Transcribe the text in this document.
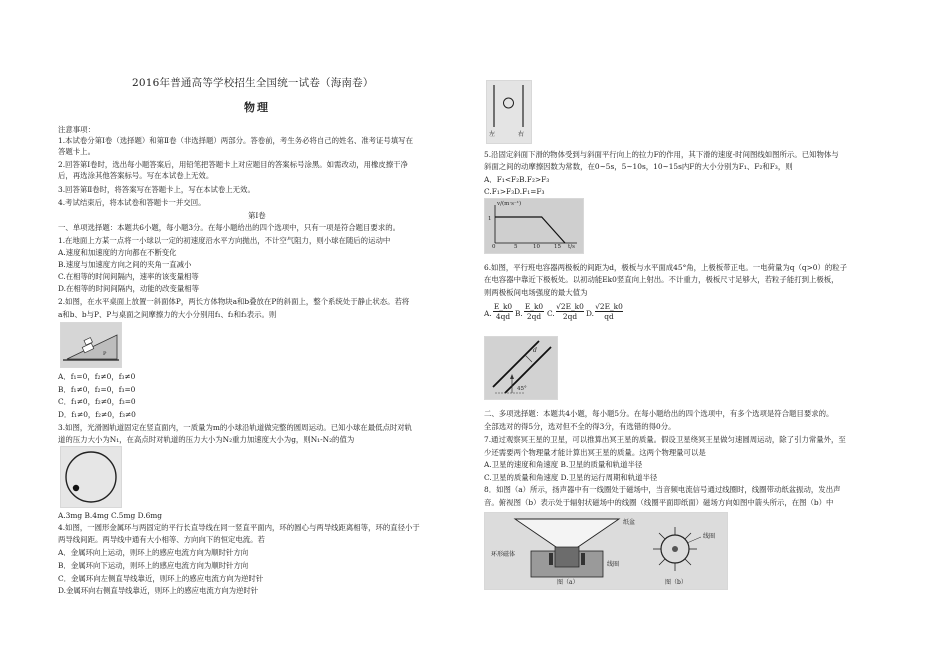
2016年普通高等学校招生全国统一试卷（海南卷）
物理
注意事项：
1.本试卷分第Ⅰ卷（选择题）和第Ⅱ卷（非选择题）两部分。答卷前，考生务必将自己的姓名、准考证号填写在
答题卡上。
2.回答第Ⅰ卷时，选出每小题答案后，用铅笔把答题卡上对应题目的答案标号涂黑。如需改动，用橡皮擦干净
后，再选涂其他答案标号。写在本试卷上无效。
3.回答第Ⅱ卷时，将答案写在答题卡上，写在本试卷上无效。
4.考试结束后，将本试卷和答题卡一并交回。
第Ⅰ卷
一、单项选择题：本题共6小题，每小题3分。在每小题给出的四个选项中，只有一项是符合题目要求的。
1.在地面上方某一点将一小球以一定的初速度沿水平方向抛出，不计空气阻力，则小球在随后的运动中
A.速度和加速度的方向都在不断变化
B.速度与加速度方向之间的夹角一直减小
C.在相等的时间间隔内，速率的该变量相等
D.在相等的时间间隔内，动能的改变量相等
2.如图，在水平桌面上放置一斜面体P，两长方体物块a和b叠放在P的斜面上，整个系统处于静止状态。若将
a和b、b与P、P与桌面之间摩擦力的大小分别用f₁、f₂和f₃表示。则
P
A．f₁=0，f₂≠0，f₃≠0
B．f₁≠0，f₂=0，f₃=0
C．f₁≠0，f₂≠0，f₃=0
D．f₁≠0，f₂≠0，f₃≠0
3.如图，光滑圆轨道固定在竖直面内，一质量为m的小球沿轨道做完整的圆周运动。已知小球在最低点时对轨
道的压力大小为N₁，在高点时对轨道的压力大小为N₂重力加速度大小为g，则N₁-N₂的值为
A.3mg B.4mg C.5mg D.6mg
4.如图，一圆形金属环与两固定的平行长直导线在同一竖直平面内，环的圆心与两导线距离相等，环的直径小于
两导线间距。两导线中通有大小相等、方向向下的恒定电流。若
A．金属环向上运动，则环上的感应电流方向为顺时针方向
B．金属环向下运动，则环上的感应电流方向为顺时针方向
C．金属环向左侧直导线靠近，则环上的感应电流方向为逆时针
D.金属环向右侧直导线靠近，则环上的感应电流方向为逆时针
左	右
5.沿固定斜面下滑的物体受到与斜面平行向上的拉力F的作用，其下滑的速度-时间图线如图所示。已知物体与
斜面之间的动摩擦因数为常数，在0~5s，5~10s，10~15s内F的大小分别为F₁、F₂和F₃，则
A．F₁<F₂B.F₂>F₃
C.F₁>F₃D.F₁=F₃
v/(m·s⁻¹)
1
0	5	10	15 t/s
6.如图，平行班电容器两极板的间距为d，极板与水平面成45°角，上极板带正电。一电荷量为q（q>0）的粒子
在电容器中靠近下极板处。以初动能Ek0竖直向上射出。不计重力，极板尺寸足够大，若粒子能打到上极板，
则两极板间电场强度的最大值为
A. $\frac{E\_k0}{4qd} B$. $\frac{E\_k0}{2qd} C$. $\frac{√2E\_k0}{2qd} D$. $\frac{√2E\_k0}{qd}$
d
45°
二、多项选择题：本题共4小题，每小题5分。在每小题给出的四个选项中，有多个选项是符合题目要求的。
全部选对的得5分，选对但不全的得3分，有选错的得0分。
7.通过观察冥王星的卫星，可以推算出冥王星的质量。假设卫星绕冥王星做匀速圆周运动，除了引力常量外，至
少还需要两个物理量才能计算出冥王星的质量。这两个物理量可以是
A.卫星的速度和角速度 B.卫星的质量和轨道半径
C.卫星的质量和角速度 D.卫星的运行周期和轨道半径
8．如图（a）所示，扬声器中有一线圈处于磁场中，当音频电流信号通过线圈时，线圈带动纸盆振动，发出声
音。俯视图（b）表示处于辐射状磁场中的线圈（线圈平面即纸面）磁场方向如图中箭头所示，在图（b）中
纸盆
环形磁体
线圈
线圈
图（a）	图（b）
